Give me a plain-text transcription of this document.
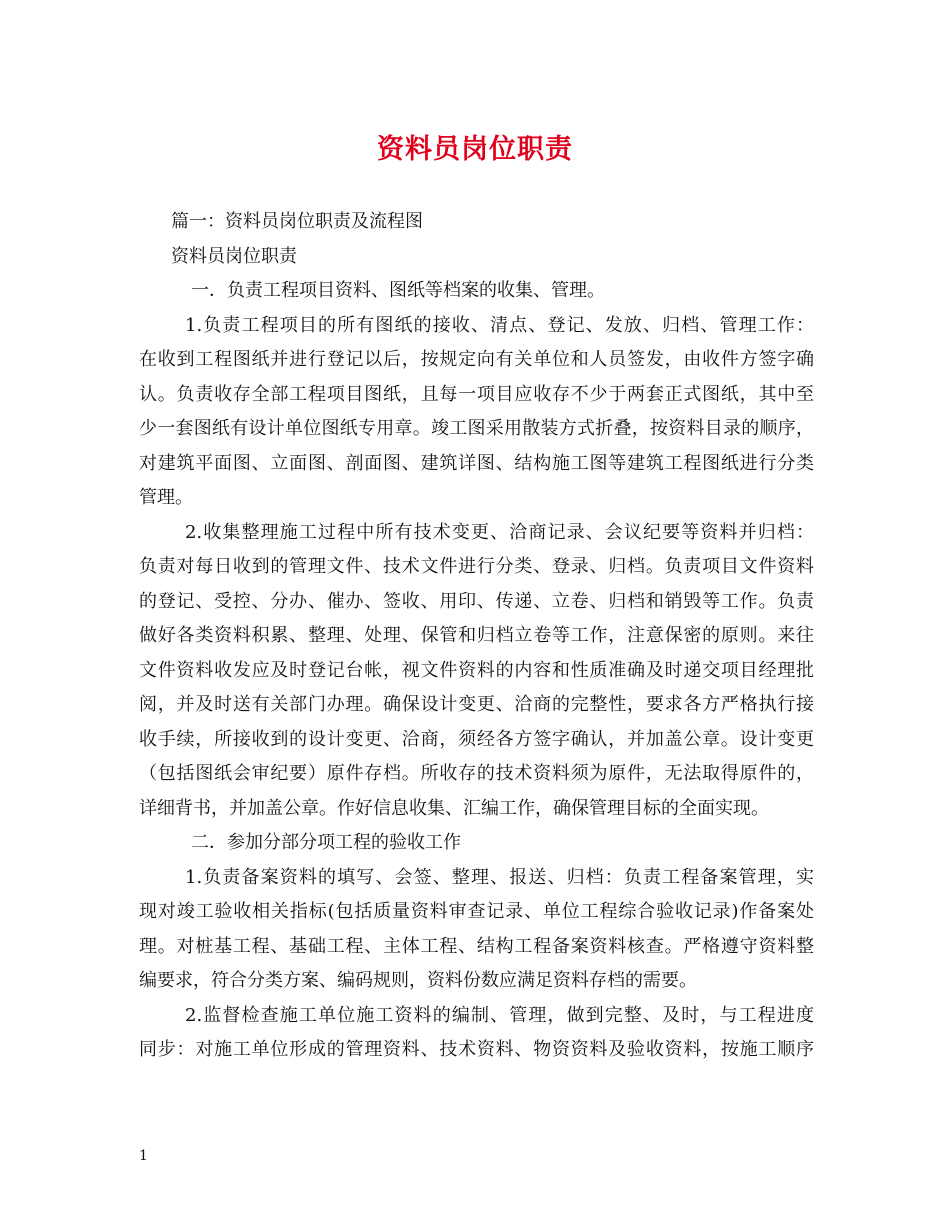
资料员岗位职责
篇一：资料员岗位职责及流程图
资料员岗位职责
一．负责工程项目资料、图纸等档案的收集、管理。
1.负责工程项目的所有图纸的接收、清点、登记、发放、归档、管理工作：
在收到工程图纸并进行登记以后，按规定向有关单位和人员签发，由收件方签字确
认。负责收存全部工程项目图纸，且每一项目应收存不少于两套正式图纸，其中至
少一套图纸有设计单位图纸专用章。竣工图采用散装方式折叠，按资料目录的顺序，
对建筑平面图、立面图、剖面图、建筑详图、结构施工图等建筑工程图纸进行分类
管理。
2.收集整理施工过程中所有技术变更、洽商记录、会议纪要等资料并归档：
负责对每日收到的管理文件、技术文件进行分类、登录、归档。负责项目文件资料
的登记、受控、分办、催办、签收、用印、传递、立卷、归档和销毁等工作。负责
做好各类资料积累、整理、处理、保管和归档立卷等工作，注意保密的原则。来往
文件资料收发应及时登记台帐，视文件资料的内容和性质准确及时递交项目经理批
阅，并及时送有关部门办理。确保设计变更、洽商的完整性，要求各方严格执行接
收手续，所接收到的设计变更、洽商，须经各方签字确认，并加盖公章。设计变更
（包括图纸会审纪要）原件存档。所收存的技术资料须为原件，无法取得原件的，
详细背书，并加盖公章。作好信息收集、汇编工作，确保管理目标的全面实现。
二．参加分部分项工程的验收工作
1.负责备案资料的填写、会签、整理、报送、归档：负责工程备案管理，实
现对竣工验收相关指标(包括质量资料审查记录、单位工程综合验收记录)作备案处
理。对桩基工程、基础工程、主体工程、结构工程备案资料核查。严格遵守资料整
编要求，符合分类方案、编码规则，资料份数应满足资料存档的需要。
2.监督检查施工单位施工资料的编制、管理，做到完整、及时，与工程进度
同步：对施工单位形成的管理资料、技术资料、物资资料及验收资料，按施工顺序
1
